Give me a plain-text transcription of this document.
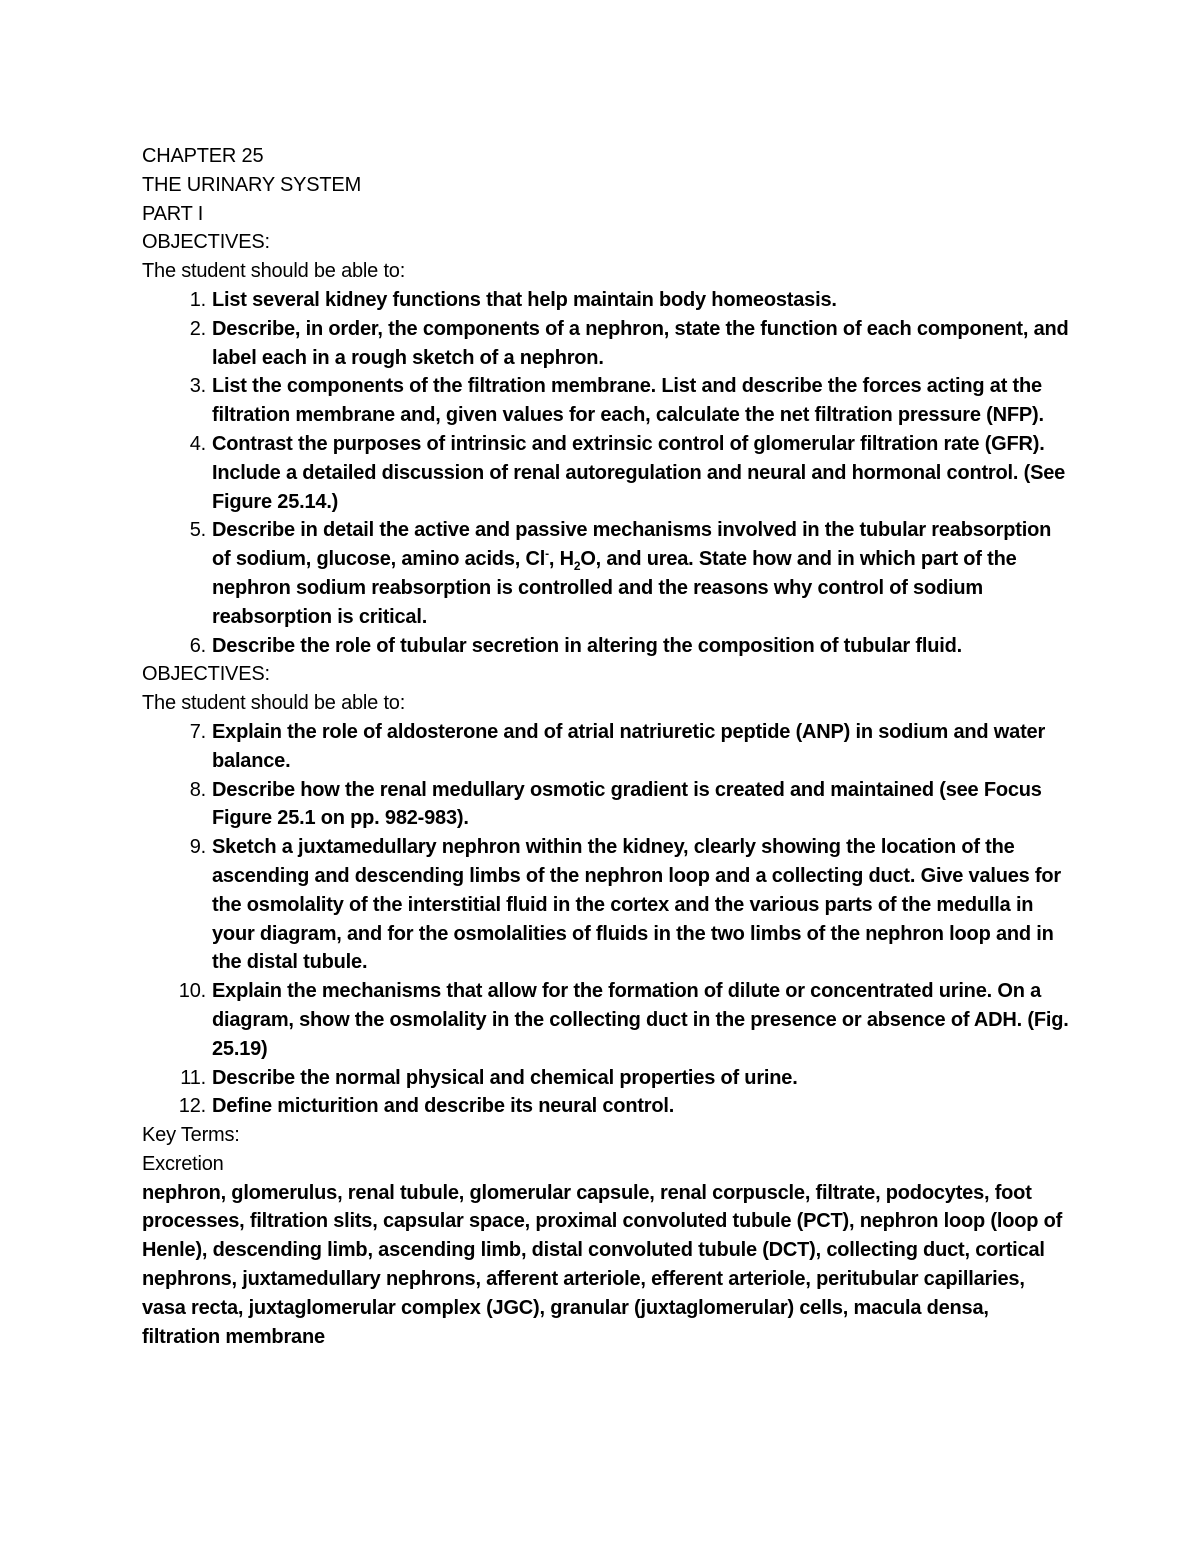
CHAPTER 25
THE URINARY SYSTEM
PART I
OBJECTIVES:
The student should be able to:
1. List several kidney functions that help maintain body homeostasis.
2. Describe, in order, the components of a nephron, state the function of each component, and label each in a rough sketch of a nephron.
3. List the components of the filtration membrane. List and describe the forces acting at the filtration membrane and, given values for each, calculate the net filtration pressure (NFP).
4. Contrast the purposes of intrinsic and extrinsic control of glomerular filtration rate (GFR). Include a detailed discussion of renal autoregulation and neural and hormonal control. (See Figure 25.14.)
5. Describe in detail the active and passive mechanisms involved in the tubular reabsorption of sodium, glucose, amino acids, Cl-, $H_2O$, and urea. State how and in which part of the nephron sodium reabsorption is controlled and the reasons why control of sodium reabsorption is critical.
6. Describe the role of tubular secretion in altering the composition of tubular fluid.
OBJECTIVES:
The student should be able to:
7. Explain the role of aldosterone and of atrial natriuretic peptide (ANP) in sodium and water balance.
8. Describe how the renal medullary osmotic gradient is created and maintained (see Focus Figure 25.1 on pp. 982-983).
9. Sketch a juxtamedullary nephron within the kidney, clearly showing the location of the ascending and descending limbs of the nephron loop and a collecting duct. Give values for the osmolality of the interstitial fluid in the cortex and the various parts of the medulla in your diagram, and for the osmolalities of fluids in the two limbs of the nephron loop and in the distal tubule.
10. Explain the mechanisms that allow for the formation of dilute or concentrated urine. On a diagram, show the osmolality in the collecting duct in the presence or absence of ADH. (Fig. 25.19)
11. Describe the normal physical and chemical properties of urine.
12. Define micturition and describe its neural control.
Key Terms:
Excretion
nephron, glomerulus, renal tubule, glomerular capsule, renal corpuscle, filtrate, podocytes, foot processes, filtration slits, capsular space, proximal convoluted tubule (PCT), nephron loop (loop of Henle), descending limb, ascending limb, distal convoluted tubule (DCT), collecting duct, cortical nephrons, juxtamedullary nephrons, afferent arteriole, efferent arteriole, peritubular capillaries, vasa recta, juxtaglomerular complex (JGC), granular (juxtaglomerular) cells, macula densa, filtration membrane
